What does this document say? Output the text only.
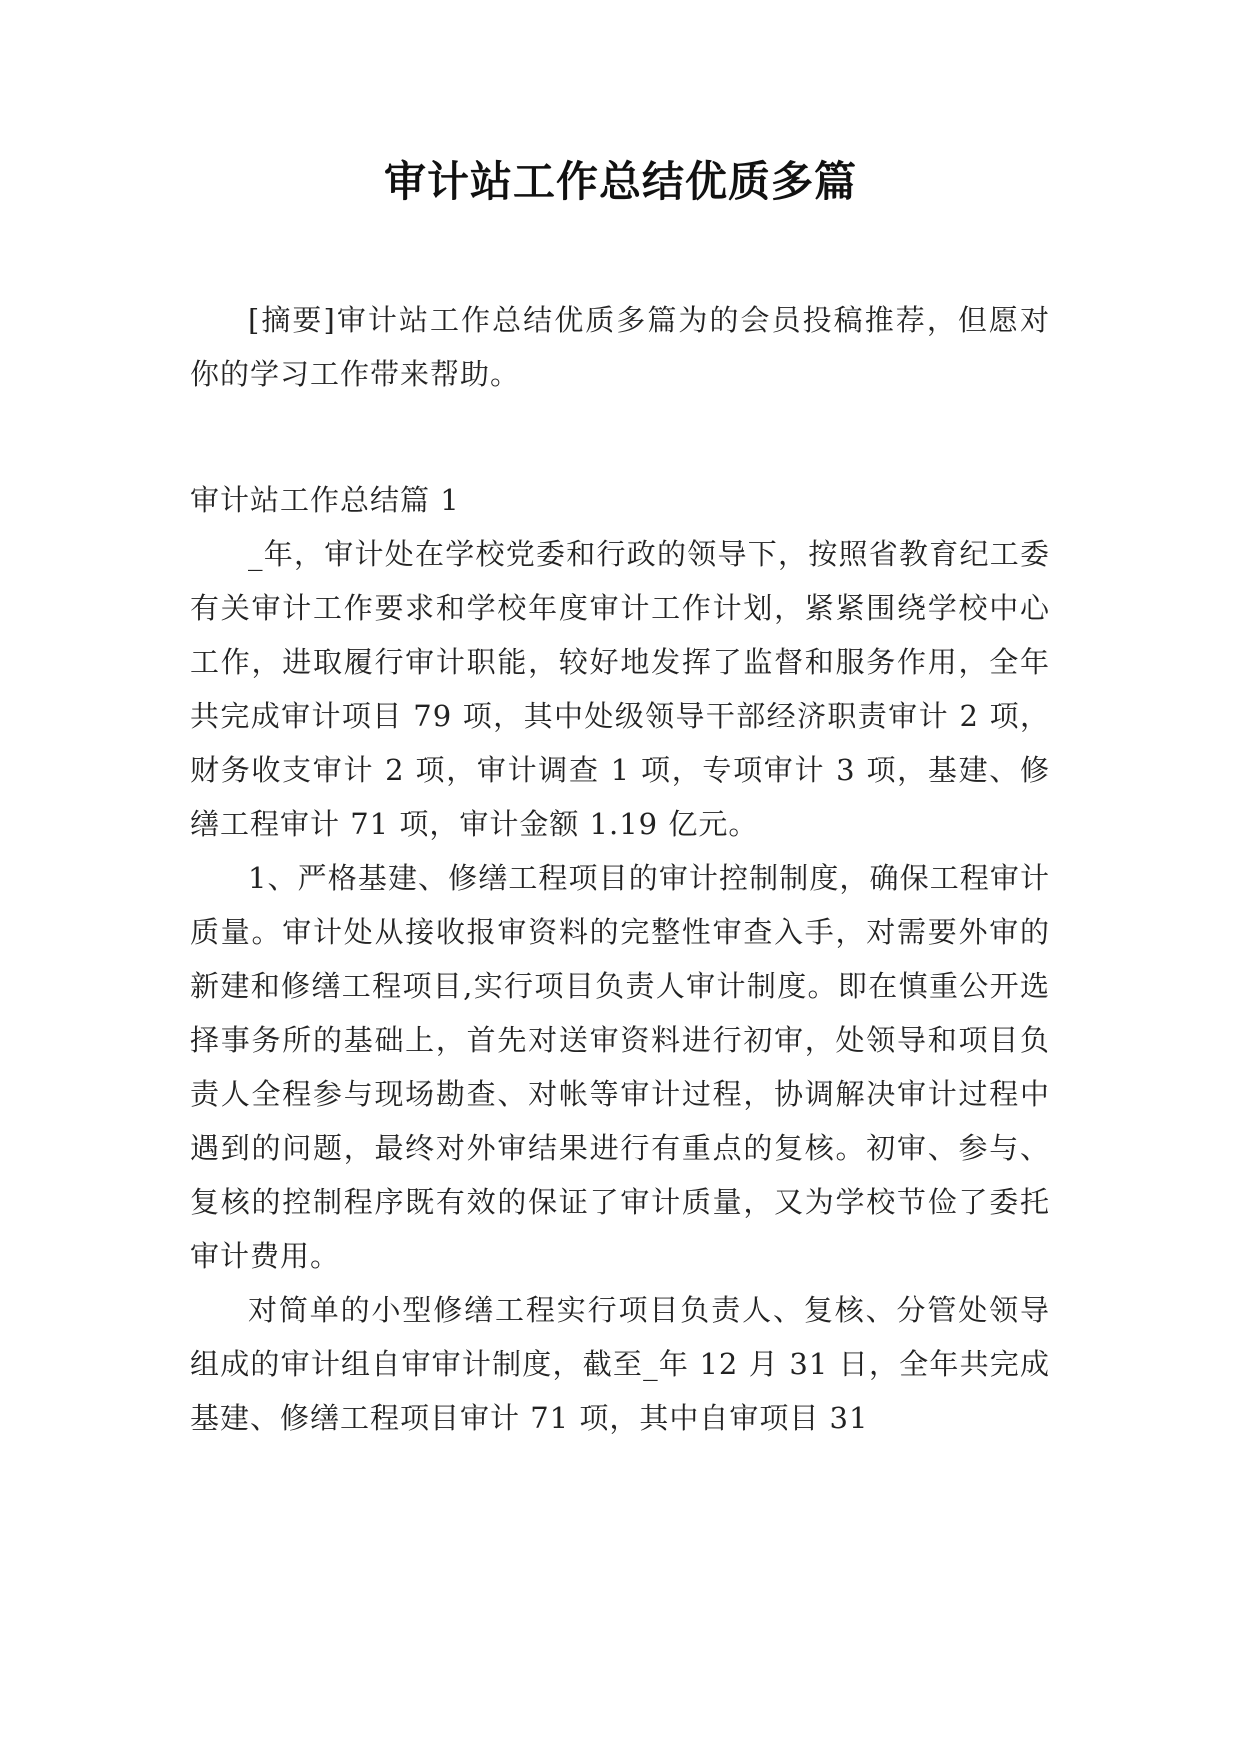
审计站工作总结优质多篇

[摘要]审计站工作总结优质多篇为的会员投稿推荐，但愿对你的学习工作带来帮助。

审计站工作总结篇 1

_年，审计处在学校党委和行政的领导下，按照省教育纪工委有关审计工作要求和学校年度审计工作计划，紧紧围绕学校中心工作，进取履行审计职能，较好地发挥了监督和服务作用，全年共完成审计项目 79 项，其中处级领导干部经济职责审计 2 项，财务收支审计 2 项，审计调查 1 项，专项审计 3 项，基建、修缮工程审计 71 项，审计金额 1.19 亿元。

1、严格基建、修缮工程项目的审计控制制度，确保工程审计质量。审计处从接收报审资料的完整性审查入手，对需要外审的新建和修缮工程项目,实行项目负责人审计制度。即在慎重公开选择事务所的基础上，首先对送审资料进行初审，处领导和项目负责人全程参与现场勘查、对帐等审计过程，协调解决审计过程中遇到的问题，最终对外审结果进行有重点的复核。初审、参与、复核的控制程序既有效的保证了审计质量，又为学校节俭了委托审计费用。

对简单的小型修缮工程实行项目负责人、复核、分管处领导组成的审计组自审审计制度，截至_年 12 月 31 日，全年共完成基建、修缮工程项目审计 71 项，其中自审项目 31
